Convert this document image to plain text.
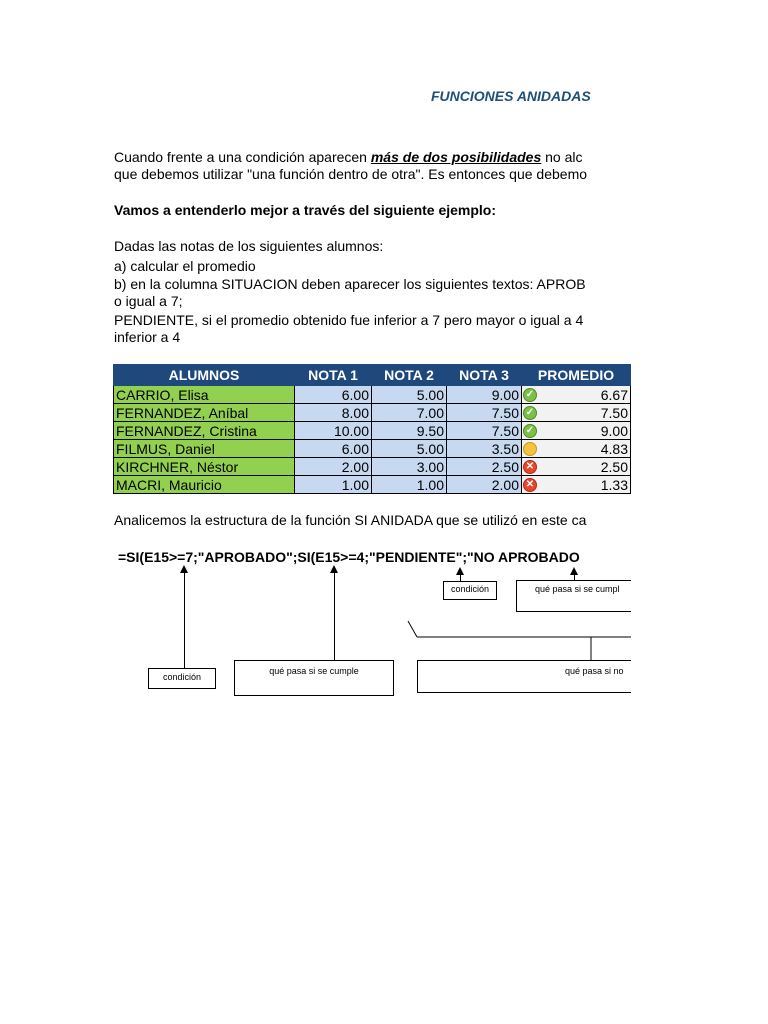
FUNCIONES ANIDADAS
Cuando frente a una condición aparecen más de dos posibilidades no alc
que debemos utilizar "una función dentro de otra". Es entonces que debemo
Vamos a entenderlo mejor a través del siguiente ejemplo:
Dadas las notas de los siguientes alumnos:
a) calcular el promedio
b) en la columna SITUACION deben aparecer los siguientes textos: APROB
o igual a 7;
PENDIENTE, si el promedio obtenido fue inferior a 7 pero mayor o igual a 4
inferior a 4
ALUMNOS	NOTA 1	NOTA 2	NOTA 3	PROMEDIO
CARRIO, Elisa	6.00	5.00	9.00	✓ 6.67
FERNANDEZ, Aníbal	8.00	7.00	7.50	✓ 7.50
FERNANDEZ, Cristina	10.00	9.50	7.50	✓ 9.00
FILMUS, Daniel	6.00	5.00	3.50	4.83
KIRCHNER, Néstor	2.00	3.00	2.50	✕ 2.50
MACRI, Mauricio	1.00	1.00	2.00	✕ 1.33
Analicemos la estructura de la función SI ANIDADA que se utilizó en este ca
=SI(E15>=7;"APROBADO";SI(E15>=4;"PENDIENTE";"NO APROBADO
condición
qué pasa si se cumple
condición	qué pasa si se cumpl
qué pasa si no
